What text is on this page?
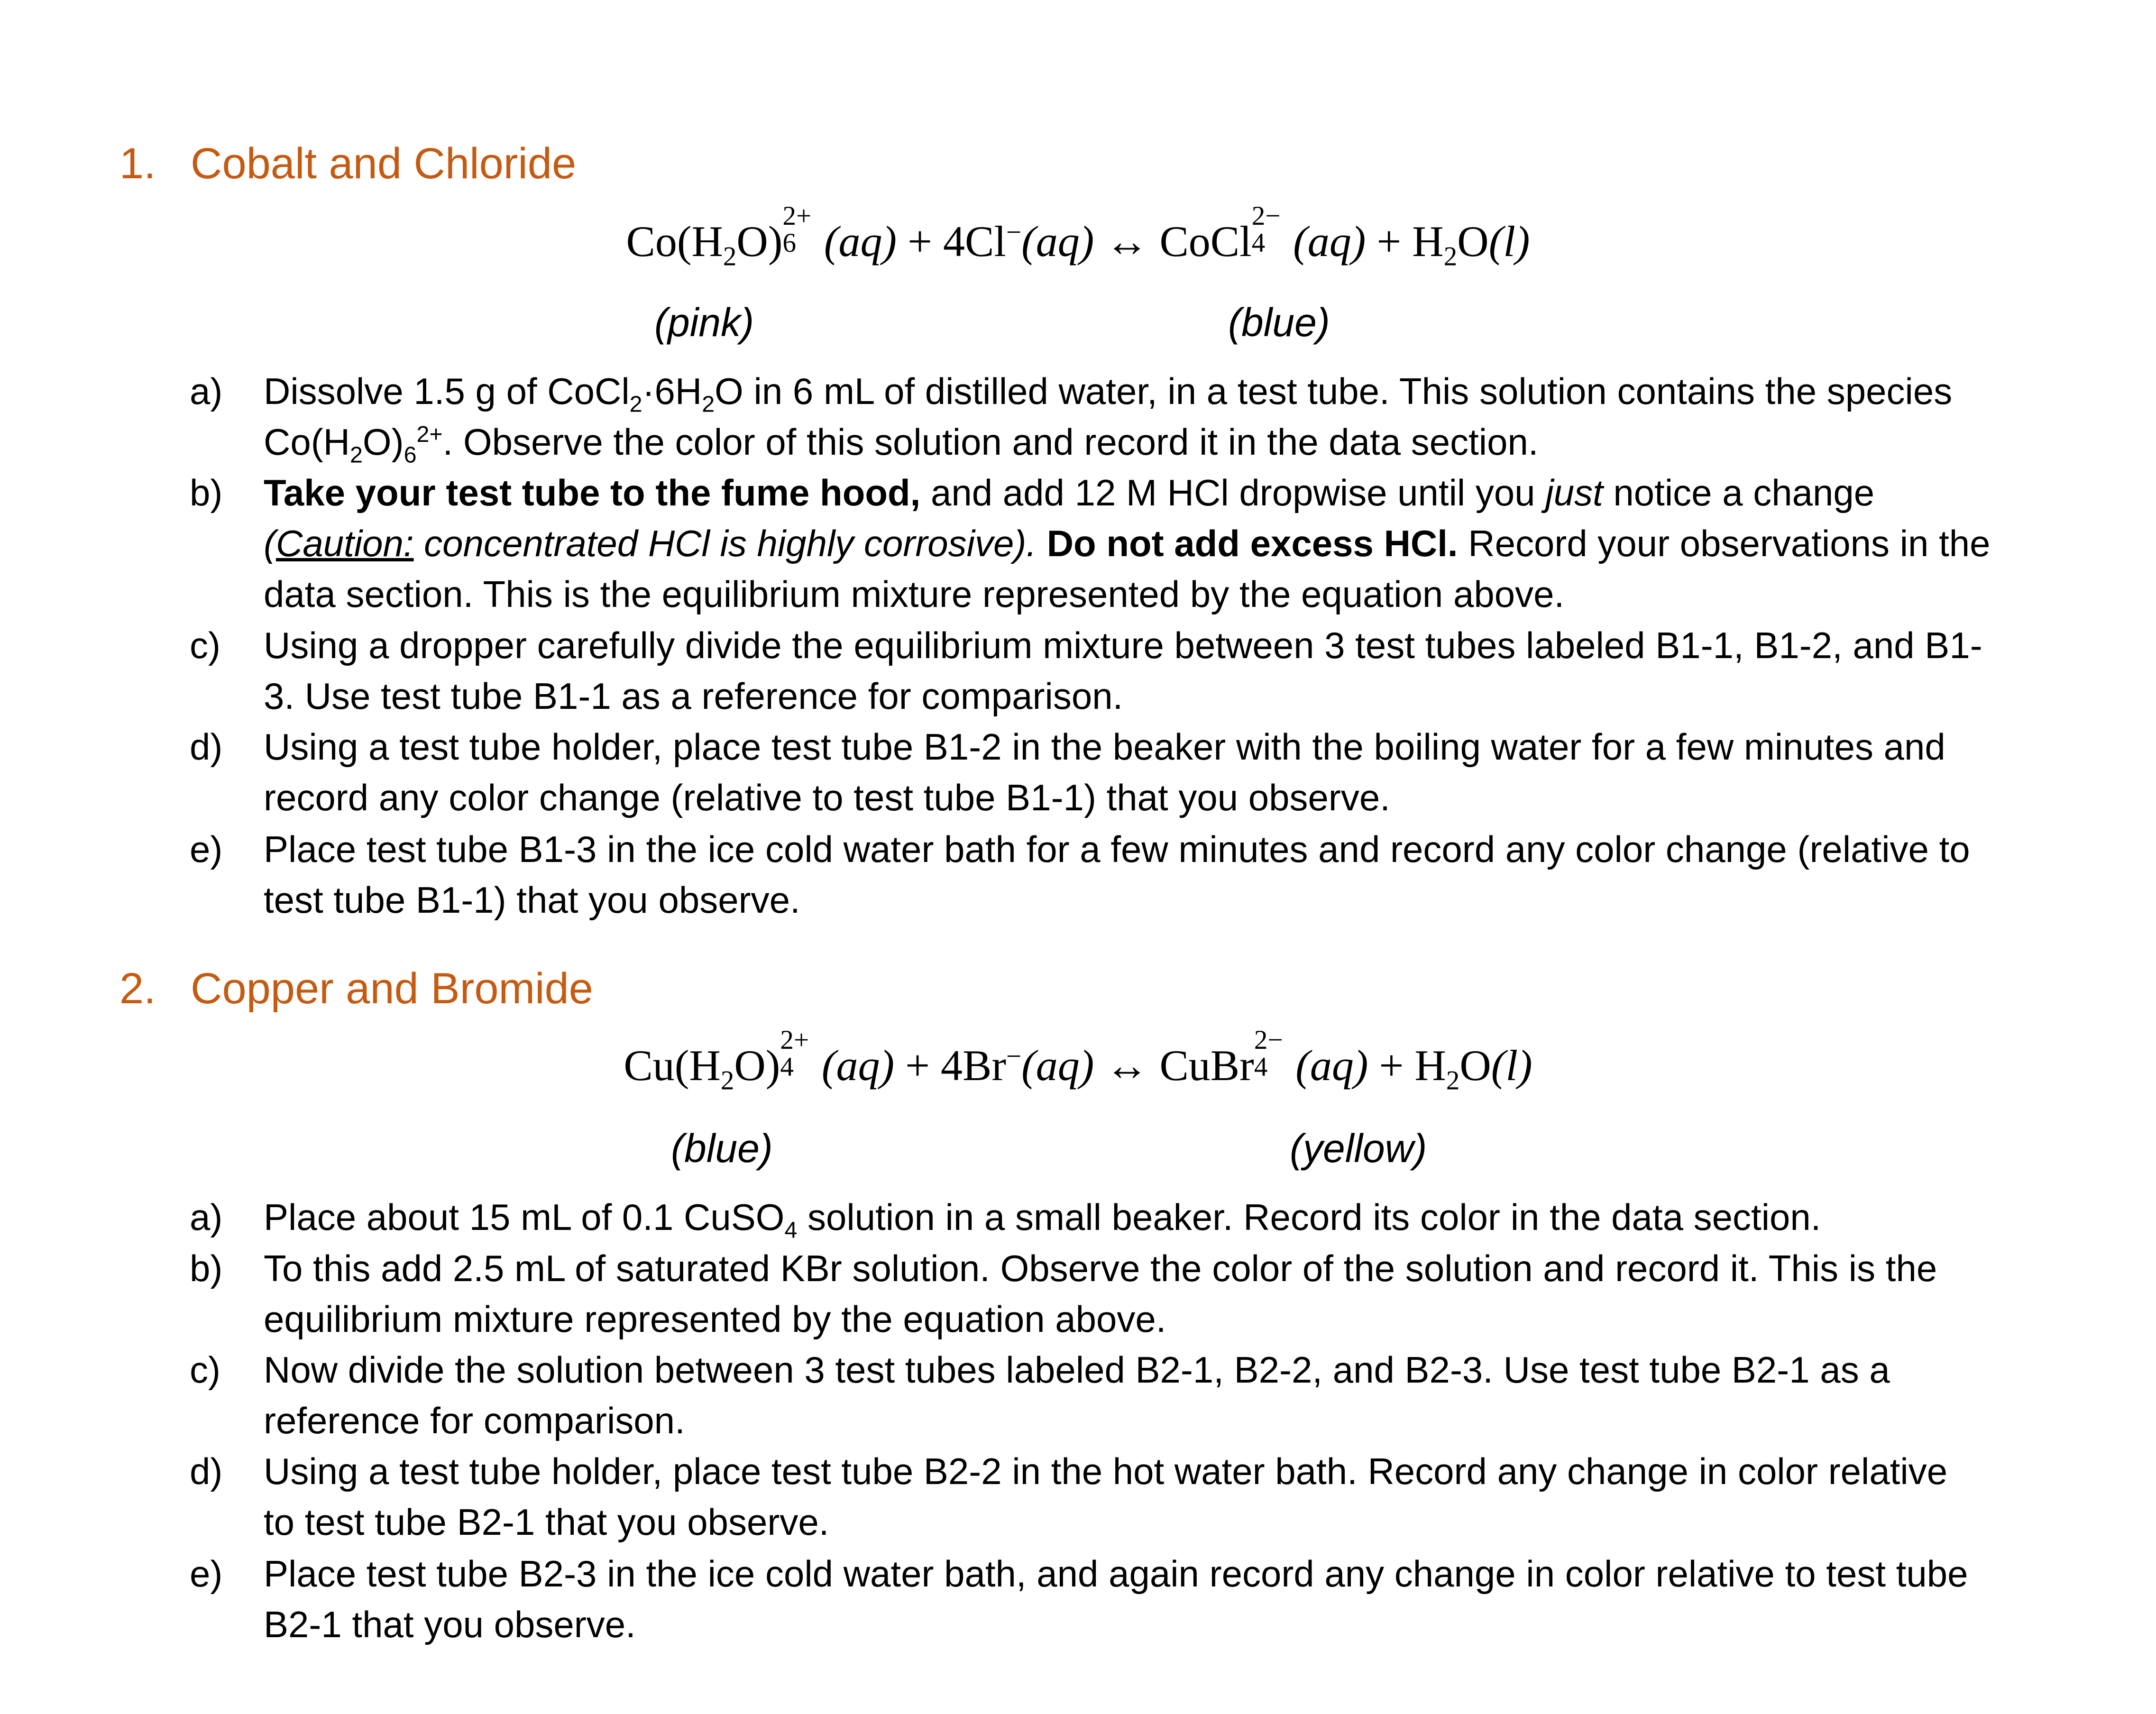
1. Cobalt and Chloride
$Co(H_2O)$
2+
6 (aq) + 4Cl−(aq) ↔ CoCl
2−
4 $(aq) + H_2O(l)$
(pink)	(blue)
a)	Dissolve 1.5 g of $CoCl_2\cdot 6H_2O$ in 6 mL of distilled water, in a test tube. This solution contains the species
$Co(H_2O)_6^{2+}$. Observe the color of this solution and record it in the data section.
b)	Take your test tube to the fume hood, and add 12 M HCl dropwise until you just notice a change
(Caution: concentrated HCl is highly corrosive). Do not add excess HCl. Record your observations in the
data section. This is the equilibrium mixture represented by the equation above.
c)	Using a dropper carefully divide the equilibrium mixture between 3 test tubes labeled B1-1, B1-2, and B1-
3. Use test tube B1-1 as a reference for comparison.
d)	Using a test tube holder, place test tube B1-2 in the beaker with the boiling water for a few minutes and
record any color change (relative to test tube B1-1) that you observe.
e)	Place test tube B1-3 in the ice cold water bath for a few minutes and record any color change (relative to
test tube B1-1) that you observe.
2. Copper and Bromide
$Cu(H_2O)$
2+
4 (aq) + 4Br−(aq) ↔ CuBr
2−
4 $(aq) + H_2O(l)$
(blue)	(yellow)
a)	Place about 15 mL of 0.1 CuSO$_4$ solution in a small beaker. Record its color in the data section.
b)	To this add 2.5 mL of saturated KBr solution. Observe the color of the solution and record it. This is the
equilibrium mixture represented by the equation above.
c)	Now divide the solution between 3 test tubes labeled B2-1, B2-2, and B2-3. Use test tube B2-1 as a
reference for comparison.
d)	Using a test tube holder, place test tube B2-2 in the hot water bath. Record any change in color relative
to test tube B2-1 that you observe.
e)	Place test tube B2-3 in the ice cold water bath, and again record any change in color relative to test tube
B2-1 that you observe.
